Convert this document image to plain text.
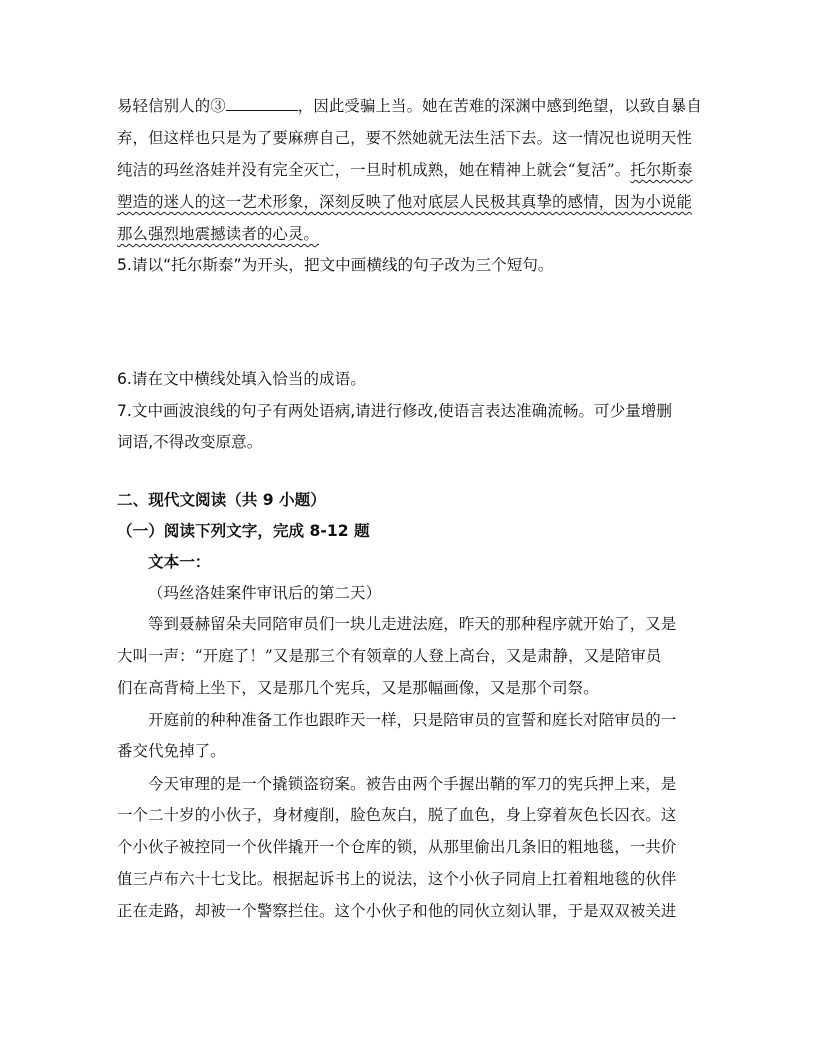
易轻信别人的③	，因此受骗上当。她在苦难的深渊中感到绝望，以致自暴自
弃，但这样也只是为了要麻痹自己，要不然她就无法生活下去。这一情况也说明天性
纯洁的玛丝洛娃并没有完全灭亡，一旦时机成熟，她在精神上就会“复活”。托尔斯泰
塑造的迷人的这一艺术形象，深刻反映了他对底层人民极其真挚的感情，因为小说能
那么强烈地震撼读者的心灵。
5.请以“托尔斯泰”为开头，把文中画横线的句子改为三个短句。
6.请在文中横线处填入恰当的成语。
7.文中画波浪线的句子有两处语病,请进行修改,使语言表达准确流畅。可少量增删
词语,不得改变原意。
二、现代文阅读（共 9 小题）
（一）阅读下列文字，完成 8-12 题
文本一：
（玛丝洛娃案件审讯后的第二天）
等到聂赫留朵夫同陪审员们一块儿走进法庭，昨天的那种程序就开始了，又是
大叫一声：“开庭了！”又是那三个有领章的人登上高台，又是肃静，又是陪审员
们在高背椅上坐下，又是那几个宪兵，又是那幅画像，又是那个司祭。
开庭前的种种准备工作也跟昨天一样，只是陪审员的宣誓和庭长对陪审员的一
番交代免掉了。
今天审理的是一个撬锁盗窃案。被告由两个手握出鞘的军刀的宪兵押上来，是
一个二十岁的小伙子，身材瘦削，脸色灰白，脱了血色，身上穿着灰色长囚衣。这
个小伙子被控同一个伙伴撬开一个仓库的锁，从那里偷出几条旧的粗地毯，一共价
值三卢布六十七戈比。根据起诉书上的说法，这个小伙子同肩上扛着粗地毯的伙伴
正在走路，却被一个警察拦住。这个小伙子和他的同伙立刻认罪，于是双双被关进
